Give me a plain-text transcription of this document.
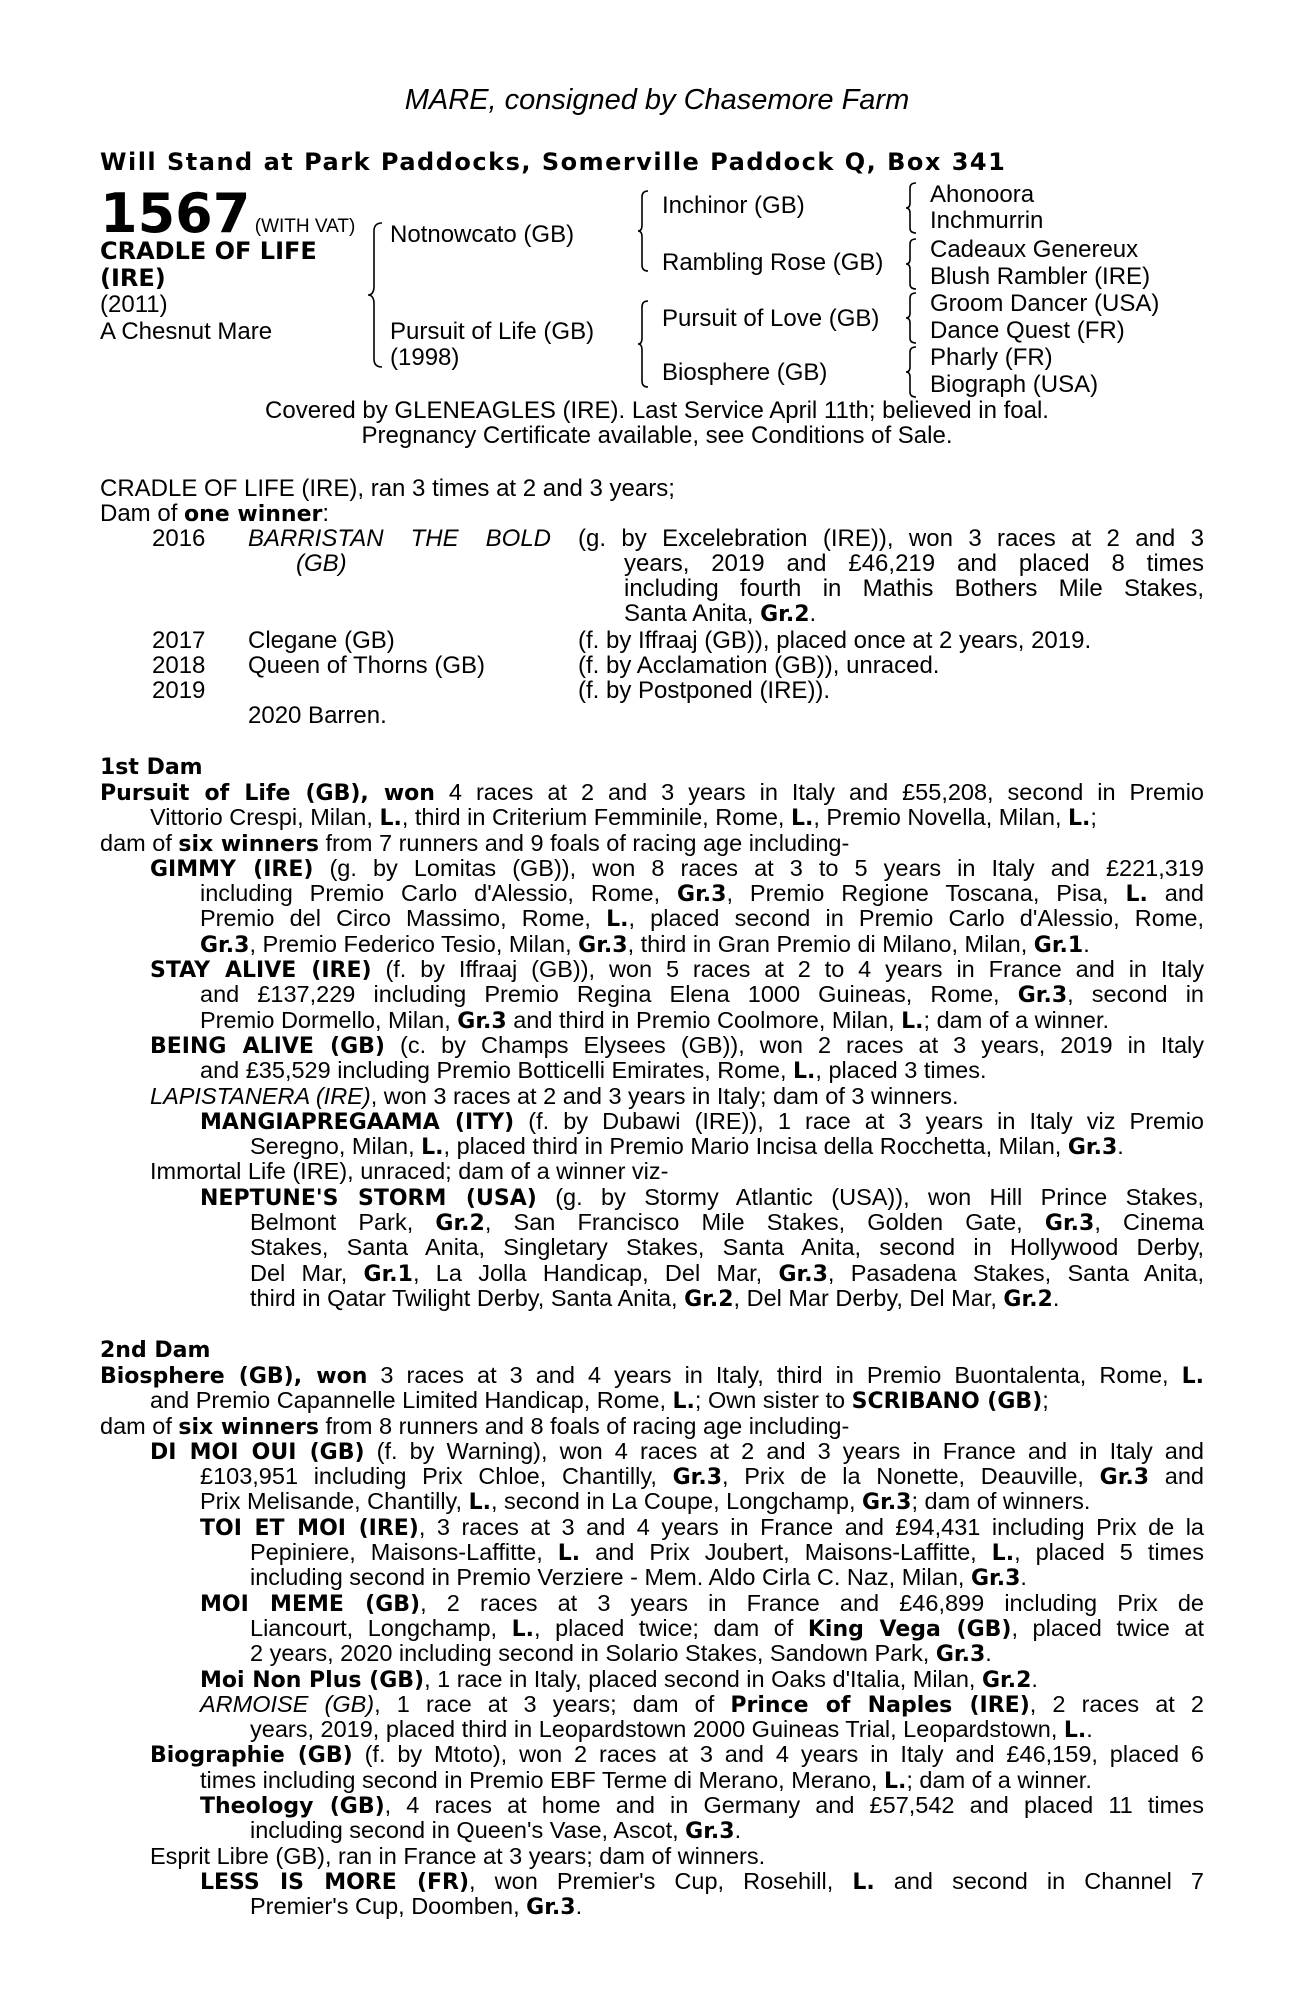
MARE, consigned by Chasemore Farm
Will Stand at Park Paddocks, Somerville Paddock Q, Box 341
1567 (WITH VAT)
CRADLE OF LIFE
(IRE)
(2011)
A Chesnut Mare
Notnowcato (GB)
Pursuit of Life (GB)
(1998)
Inchinor (GB)
Rambling Rose (GB)
Pursuit of Love (GB)
Biosphere (GB)
Ahonoora
Inchmurrin
Cadeaux Genereux
Blush Rambler (IRE)
Groom Dancer (USA)
Dance Quest (FR)
Pharly (FR)
Biograph (USA)
Covered by GLENEAGLES (IRE). Last Service April 11th; believed in foal.
Pregnancy Certificate available, see Conditions of Sale.
CRADLE OF LIFE (IRE), ran 3 times at 2 and 3 years;
Dam of one winner:
2016 BARRISTAN THE BOLD
(GB)
(g. by Excelebration (IRE)), won 3 races at 2 and 3
years, 2019 and £46,219 and placed 8 times
including fourth in Mathis Bothers Mile Stakes,
Santa Anita, Gr.2.
2017 Clegane (GB)	(f. by Iffraaj (GB)), placed once at 2 years, 2019.
2018 Queen of Thorns (GB)	(f. by Acclamation (GB)), unraced.
2019	(f. by Postponed (IRE)).
2020 Barren.
1st Dam
Pursuit of Life (GB), won 4 races at 2 and 3 years in Italy and £55,208, second in Premio
Vittorio Crespi, Milan, L., third in Criterium Femminile, Rome, L., Premio Novella, Milan, L.;
dam of six winners from 7 runners and 9 foals of racing age including-
GIMMY (IRE) (g. by Lomitas (GB)), won 8 races at 3 to 5 years in Italy and £221,319
including Premio Carlo d'Alessio, Rome, Gr.3, Premio Regione Toscana, Pisa, L. and
Premio del Circo Massimo, Rome, L., placed second in Premio Carlo d'Alessio, Rome,
Gr.3, Premio Federico Tesio, Milan, Gr.3, third in Gran Premio di Milano, Milan, Gr.1.
STAY ALIVE (IRE) (f. by Iffraaj (GB)), won 5 races at 2 to 4 years in France and in Italy
and £137,229 including Premio Regina Elena 1000 Guineas, Rome, Gr.3, second in
Premio Dormello, Milan, Gr.3 and third in Premio Coolmore, Milan, L.; dam of a winner.
BEING ALIVE (GB) (c. by Champs Elysees (GB)), won 2 races at 3 years, 2019 in Italy
and £35,529 including Premio Botticelli Emirates, Rome, L., placed 3 times.
LAPISTANERA (IRE), won 3 races at 2 and 3 years in Italy; dam of 3 winners.
MANGIAPREGAAMA (ITY) (f. by Dubawi (IRE)), 1 race at 3 years in Italy viz Premio
Seregno, Milan, L., placed third in Premio Mario Incisa della Rocchetta, Milan, Gr.3.
Immortal Life (IRE), unraced; dam of a winner viz-
NEPTUNE'S STORM (USA) (g. by Stormy Atlantic (USA)), won Hill Prince Stakes,
Belmont Park, Gr.2, San Francisco Mile Stakes, Golden Gate, Gr.3, Cinema
Stakes, Santa Anita, Singletary Stakes, Santa Anita, second in Hollywood Derby,
Del Mar, Gr.1, La Jolla Handicap, Del Mar, Gr.3, Pasadena Stakes, Santa Anita,
third in Qatar Twilight Derby, Santa Anita, Gr.2, Del Mar Derby, Del Mar, Gr.2.
2nd Dam
Biosphere (GB), won 3 races at 3 and 4 years in Italy, third in Premio Buontalenta, Rome, L.
and Premio Capannelle Limited Handicap, Rome, L.; Own sister to SCRIBANO (GB);
dam of six winners from 8 runners and 8 foals of racing age including-
DI MOI OUI (GB) (f. by Warning), won 4 races at 2 and 3 years in France and in Italy and
£103,951 including Prix Chloe, Chantilly, Gr.3, Prix de la Nonette, Deauville, Gr.3 and
Prix Melisande, Chantilly, L., second in La Coupe, Longchamp, Gr.3; dam of winners.
TOI ET MOI (IRE), 3 races at 3 and 4 years in France and £94,431 including Prix de la
Pepiniere, Maisons-Laffitte, L. and Prix Joubert, Maisons-Laffitte, L., placed 5 times
including second in Premio Verziere - Mem. Aldo Cirla C. Naz, Milan, Gr.3.
MOI MEME (GB), 2 races at 3 years in France and £46,899 including Prix de
Liancourt, Longchamp, L., placed twice; dam of King Vega (GB), placed twice at
2 years, 2020 including second in Solario Stakes, Sandown Park, Gr.3.
Moi Non Plus (GB), 1 race in Italy, placed second in Oaks d'Italia, Milan, Gr.2.
ARMOISE (GB), 1 race at 3 years; dam of Prince of Naples (IRE), 2 races at 2
years, 2019, placed third in Leopardstown 2000 Guineas Trial, Leopardstown, L..
Biographie (GB) (f. by Mtoto), won 2 races at 3 and 4 years in Italy and £46,159, placed 6
times including second in Premio EBF Terme di Merano, Merano, L.; dam of a winner.
Theology (GB), 4 races at home and in Germany and £57,542 and placed 11 times
including second in Queen's Vase, Ascot, Gr.3.
Esprit Libre (GB), ran in France at 3 years; dam of winners.
LESS IS MORE (FR), won Premier's Cup, Rosehill, L. and second in Channel 7
Premier's Cup, Doomben, Gr.3.
